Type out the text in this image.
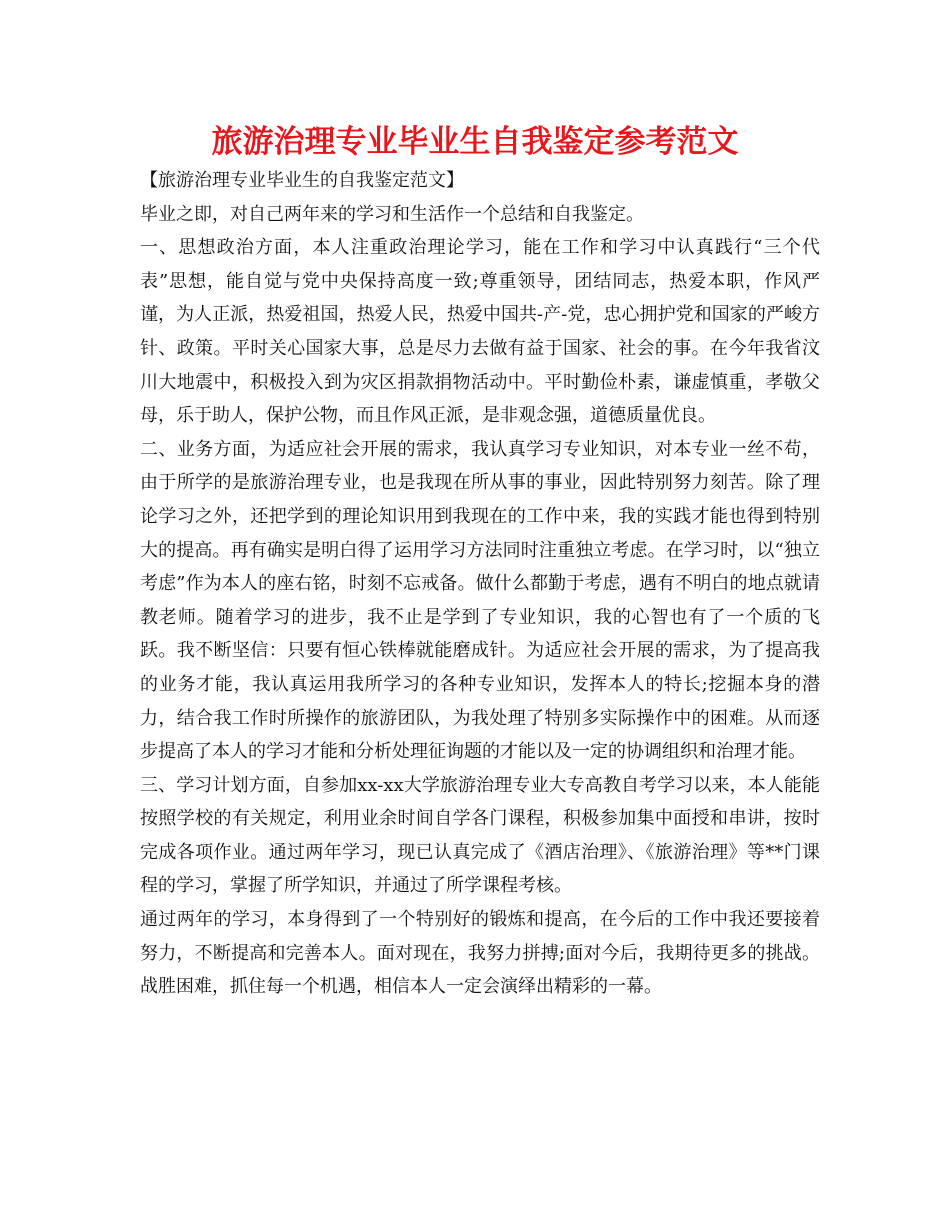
旅游治理专业毕业生自我鉴定参考范文

【旅游治理专业毕业生的自我鉴定范文】

毕业之即，对自己两年来的学习和生活作一个总结和自我鉴定。

一、思想政治方面，本人注重政治理论学习，能在工作和学习中认真践行“三个代表”思想，能自觉与党中央保持高度一致;尊重领导，团结同志，热爱本职，作风严谨，为人正派，热爱祖国，热爱人民，热爱中国共-产-党，忠心拥护党和国家的严峻方针、政策。平时关心国家大事，总是尽力去做有益于国家、社会的事。在今年我省汶川大地震中，积极投入到为灾区捐款捐物活动中。平时勤俭朴素，谦虚慎重，孝敬父母，乐于助人，保护公物，而且作风正派，是非观念强，道德质量优良。

二、业务方面，为适应社会开展的需求，我认真学习专业知识，对本专业一丝不苟，由于所学的是旅游治理专业，也是我现在所从事的事业，因此特别努力刻苦。除了理论学习之外，还把学到的理论知识用到我现在的工作中来，我的实践才能也得到特别大的提高。再有确实是明白得了运用学习方法同时注重独立考虑。在学习时，以“独立考虑”作为本人的座右铭，时刻不忘戒备。做什么都勤于考虑，遇有不明白的地点就请教老师。随着学习的进步，我不止是学到了专业知识，我的心智也有了一个质的飞跃。我不断坚信：只要有恒心铁棒就能磨成针。为适应社会开展的需求，为了提高我的业务才能，我认真运用我所学习的各种专业知识，发挥本人的特长;挖掘本身的潜力，结合我工作时所操作的旅游团队，为我处理了特别多实际操作中的困难。从而逐步提高了本人的学习才能和分析处理征询题的才能以及一定的协调组织和治理才能。

三、学习计划方面，自参加xx-xx大学旅游治理专业大专高教自考学习以来，本人能能按照学校的有关规定，利用业余时间自学各门课程，积极参加集中面授和串讲，按时完成各项作业。通过两年学习，现已认真完成了《酒店治理》、《旅游治理》等**门课程的学习，掌握了所学知识，并通过了所学课程考核。

通过两年的学习，本身得到了一个特别好的锻炼和提高，在今后的工作中我还要接着努力，不断提高和完善本人。面对现在，我努力拼搏;面对今后，我期待更多的挑战。战胜困难，抓住每一个机遇，相信本人一定会演绎出精彩的一幕。
